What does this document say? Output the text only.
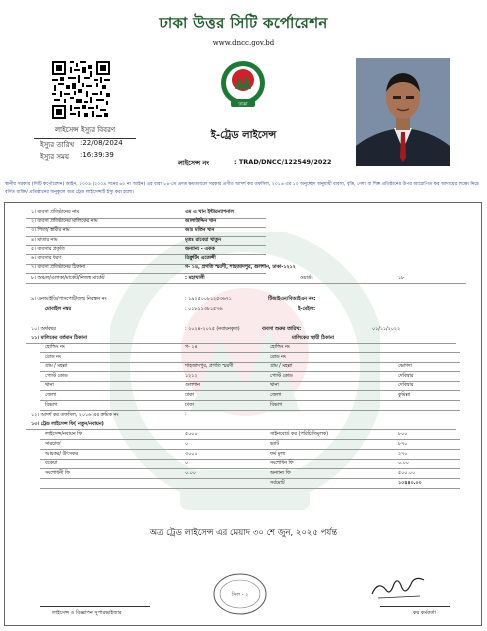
ঢাকা উত্তর সিটি কর্পোরেশন
www.dncc.gov.bd
লাইসেন্স ইস্যুর বিবরণ
ইস্যুর তারিখ :22/08/2024
ইস্যুর সময় :16:39:39
ঢাকা
ই-ট্রেড লাইসেন্স
লাইসেন্স নং	: TRAD/DNCC/122549/2022
স্থানীয় সরকার (সিটি কর্পোরেশন) আইন, ২০০৯ (২০০৯ সনের ৬০ নং আইন) এর ধারা ৮৪-তে প্রদত্ত ক্ষমতাবলে সরকার প্রণীত আদর্শ কর তফসিল, ২০১৬ এর ১০ অনুচ্ছেদ অনুযায়ী ব্যবসা, বৃত্তি, পেশা বা শিল্প প্রতিষ্ঠানের উপর আরোপিত কর আদায়ের লক্ষ্যে নিম্নে বর্ণিত ব্যক্তি/ প্রতিষ্ঠানের অনুকূলে অত্র ট্রেড লাইসেন্সটি ইস্যু করা হলো।
১। ব্যবসা প্রতিষ্ঠানের নাম	এম এ খান ইন্টারন্যাশনাল
২। ব্যবসা প্রতিষ্ঠানের মালিকের নাম	আলাউদ্দিন খান
৩। পিতা/ স্বামীর নাম	আঃ মতিন খান
৪। মাতার নাম	মৃতঃ রাবেয়া খাতুন
৫। ব্যবসার প্রকৃতি	অন্যান্য - একক
৬। ব্যবসার ধরণ	রিক্রুটিং এজেন্সী
৭। ব্যবসা প্রতিষ্ঠানের ঠিকানা	গ- ১৪, প্রগতি স্মরণী, শাহজাদপুর, গুলশান, ঢাকা-১২১২
৮। অঞ্চল/এলাকা/মার্কেট/নিজস্ব মার্কেট	: মহাখালী	ওয়ার্ড:	১৮
৯। এনআইডি/পাসপোর্ট/জন্ম নিবন্ধন নং	: ১৯২৫০০৮১২৫৩৬৭১	টিআইএন/বিআইএন নং:
মোবাইল নম্বর	: ০১৮১১৩৮১৫৭৬	ই-মেইল:
১০। অর্থবছর	: ২০২৪-২০২৫ (নবায়নকৃত)	ব্যবসা শুরুর তারিখ:	০১/১১/২০২২
১১। মালিকের বর্তমান ঠিকানা	মালিকের স্থায়ী ঠিকানা
হোল্ডিং নং	গ- ১৪	হোল্ডিং নং
রোড নং	রোড নং
গ্রাম / মহল্লা	শাহজাদপুর, প্রগতি স্মরণী	গ্রাম / মহল্লা	ভোগদা
পোস্ট কোড	১২১২	পোস্ট কোড	দেবিদ্বার
থানা	গুলশান	থানা	দেবিদ্বার
জেলা	ঢাকা	জেলা	কুমিল্লা
বিভাগ	ঢাকা	বিভাগ
১২। আদর্শ কর তফসিল, ২০১৬ এর ক্রমিক নং	:
১৩। ট্রেড লাইসেন্স ফি( নতুন/নবায়ন)
লাইসেন্স/নবায়ন ফি	৫০০০	সাইনবোর্ড কর (পরিচিতিমূলক)	৮০০
সারচার্জ	০	ভ্যাট	৮৭০
আয়কর/ উৎসকর	৩০০০	ফর্ম মূল্য	২৭০
বকেয়া	০	সংশোধন ফি	০.০০
সংশোধনী ফি	০.০০	অন্যান্য ফি	৫০০.০০
সর্বমোট	১০৪৪০.০০
অত্র ট্রেড লাইসেন্স এর মেয়াদ ৩০ শে জুন, ২০২৫ পর্যন্ত
সিল - ২
লাইসেন্স ও বিজ্ঞাপন সুপারভাইজার	কর কর্মকর্তা
